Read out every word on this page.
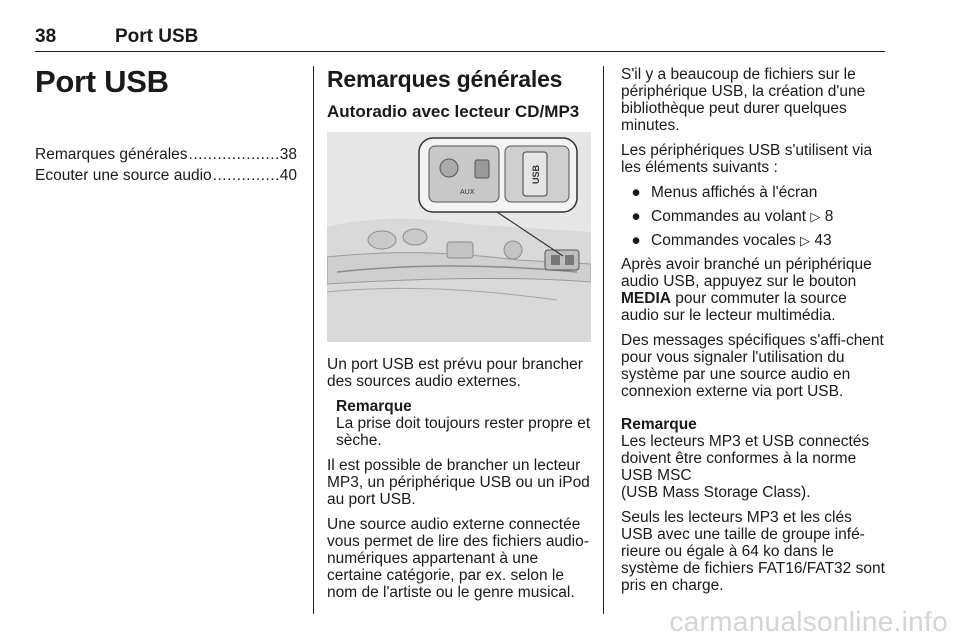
38	Port USB
Port USB
Remarques générales .....	38
Ecouter une source audio .....	40
Remarques générales
Autoradio avec lecteur CD/MP3
AUX
USB

Un port USB est prévu pour brancher des sources audio externes.

Remarque
La prise doit toujours rester propre et sèche.

Il est possible de brancher un lecteur MP3, un périphérique USB ou un iPod au port USB.

Une source audio externe connectée vous permet de lire des fichiers audio-numériques appartenant à une certaine catégorie, par ex. selon le nom de l'artiste ou le genre musical.

S'il y a beaucoup de fichiers sur le périphérique USB, la création d'une bibliothèque peut durer quelques minutes.

Les périphériques USB s'utilisent via les éléments suivants :

● Menus affichés à l'écran
● Commandes au volant ▷ 8
● Commandes vocales ▷ 43

Après avoir branché un périphérique audio USB, appuyez sur le bouton MEDIA pour commuter la source audio sur le lecteur multimédia.

Des messages spécifiques s'affi-chent pour vous signaler l'utilisation du système par une source audio en connexion externe via port USB.

Remarque
Les lecteurs MP3 et USB connectés doivent être conformes à la norme USB MSC

(USB Mass Storage Class).

Seuls les lecteurs MP3 et les clés USB avec une taille de groupe infé-rieure ou égale à 64 ko dans le système de fichiers FAT16/FAT32 sont pris en charge.

carmanualsonline.info
